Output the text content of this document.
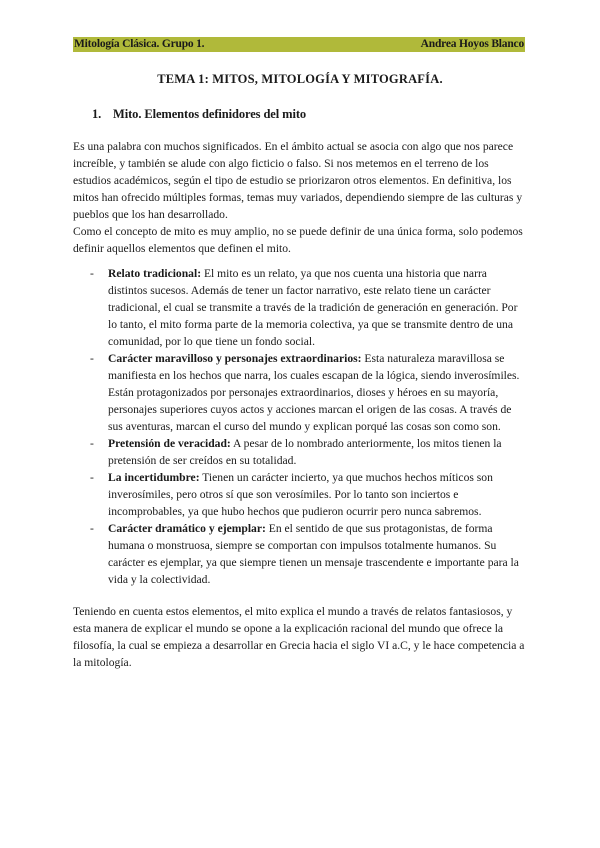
Mitología Clásica. Grupo 1.	Andrea Hoyos Blanco
TEMA 1: MITOS, MITOLOGÍA Y MITOGRAFÍA.
1. Mito. Elementos definidores del mito
Es una palabra con muchos significados. En el ámbito actual se asocia con algo que nos parece increíble, y también se alude con algo ficticio o falso. Si nos metemos en el terreno de los estudios académicos, según el tipo de estudio se priorizaron otros elementos. En definitiva, los mitos han ofrecido múltiples formas, temas muy variados, dependiendo siempre de las culturas y pueblos que los han desarrollado.
Como el concepto de mito es muy amplio, no se puede definir de una única forma, solo podemos definir aquellos elementos que definen el mito.
- Relato tradicional: El mito es un relato, ya que nos cuenta una historia que narra distintos sucesos. Además de tener un factor narrativo, este relato tiene un carácter tradicional, el cual se transmite a través de la tradición de generación en generación. Por lo tanto, el mito forma parte de la memoria colectiva, ya que se transmite dentro de una comunidad, por lo que tiene un fondo social.
- Carácter maravilloso y personajes extraordinarios: Esta naturaleza maravillosa se manifiesta en los hechos que narra, los cuales escapan de la lógica, siendo inverosímiles. Están protagonizados por personajes extraordinarios, dioses y héroes en su mayoría, personajes superiores cuyos actos y acciones marcan el origen de las cosas. A través de sus aventuras, marcan el curso del mundo y explican porqué las cosas son como son.
- Pretensión de veracidad: A pesar de lo nombrado anteriormente, los mitos tienen la pretensión de ser creídos en su totalidad.
- La incertidumbre: Tienen un carácter incierto, ya que muchos hechos míticos son inverosímiles, pero otros sí que son verosímiles. Por lo tanto son inciertos e incomprobables, ya que hubo hechos que pudieron ocurrir pero nunca sabremos.
- Carácter dramático y ejemplar: En el sentido de que sus protagonistas, de forma humana o monstruosa, siempre se comportan con impulsos totalmente humanos. Su carácter es ejemplar, ya que siempre tienen un mensaje trascendente e importante para la vida y la colectividad.

Teniendo en cuenta estos elementos, el mito explica el mundo a través de relatos fantasiosos, y esta manera de explicar el mundo se opone a la explicación racional del mundo que ofrece la filosofía, la cual se empieza a desarrollar en Grecia hacia el siglo VI a.C, y le hace competencia a la mitología.
